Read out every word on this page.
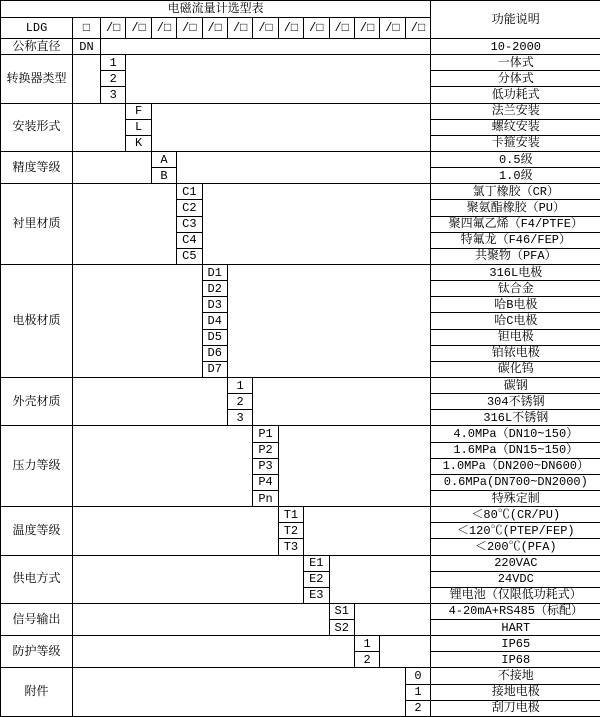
电磁流量计选型表															功能说明
LDG	□	/□	/□	/□	/□	/□	/□	/□	/□	/□	/□	/□	/□	/□	
公称直径	DN														10-2000
转换器类型		1													一体式
		2													分体式
		3													低功耗式
安装形式			F												法兰安装
			L												螺纹安装
			K												卡箍安装
精度等级				A											0.5级
				B											1.0级
衬里材质					C1										氯丁橡胶（CR）
					C2										聚氨酯橡胶（PU）
					C3										聚四氟乙烯（F4/PTFE）
					C4										特氟龙（F46/FEP）
					C5										共聚物（PFA）
电极材质						D1									316L电极
						D2									钛合金
						D3									哈B电极
						D4									哈C电极
						D5									钽电极
						D6									铂铱电极
						D7									碳化钨
外壳材质							1								碳钢
							2								304不锈钢
							3								316L不锈钢
压力等级								P1							4.0MPa（DN10~150）
								P2							1.6MPa（DN15~150）
								P3							1.0MPa（DN200~DN600）
								P4							0.6MPa(DN700~DN2000)
								Pn							特殊定制
温度等级									T1						＜80℃(CR/PU)
									T2						＜120℃(PTEP/FEP)
									T3						＜200℃(PFA)
供电方式										E1					220VAC
										E2					24VDC
										E3					锂电池（仅限低功耗式）
信号输出											S1				4-20mA+RS485（标配）
											S2				HART
防护等级												1			IP65
												2			IP68
附件														0	不接地
														1	接地电极
														2	刮刀电极
